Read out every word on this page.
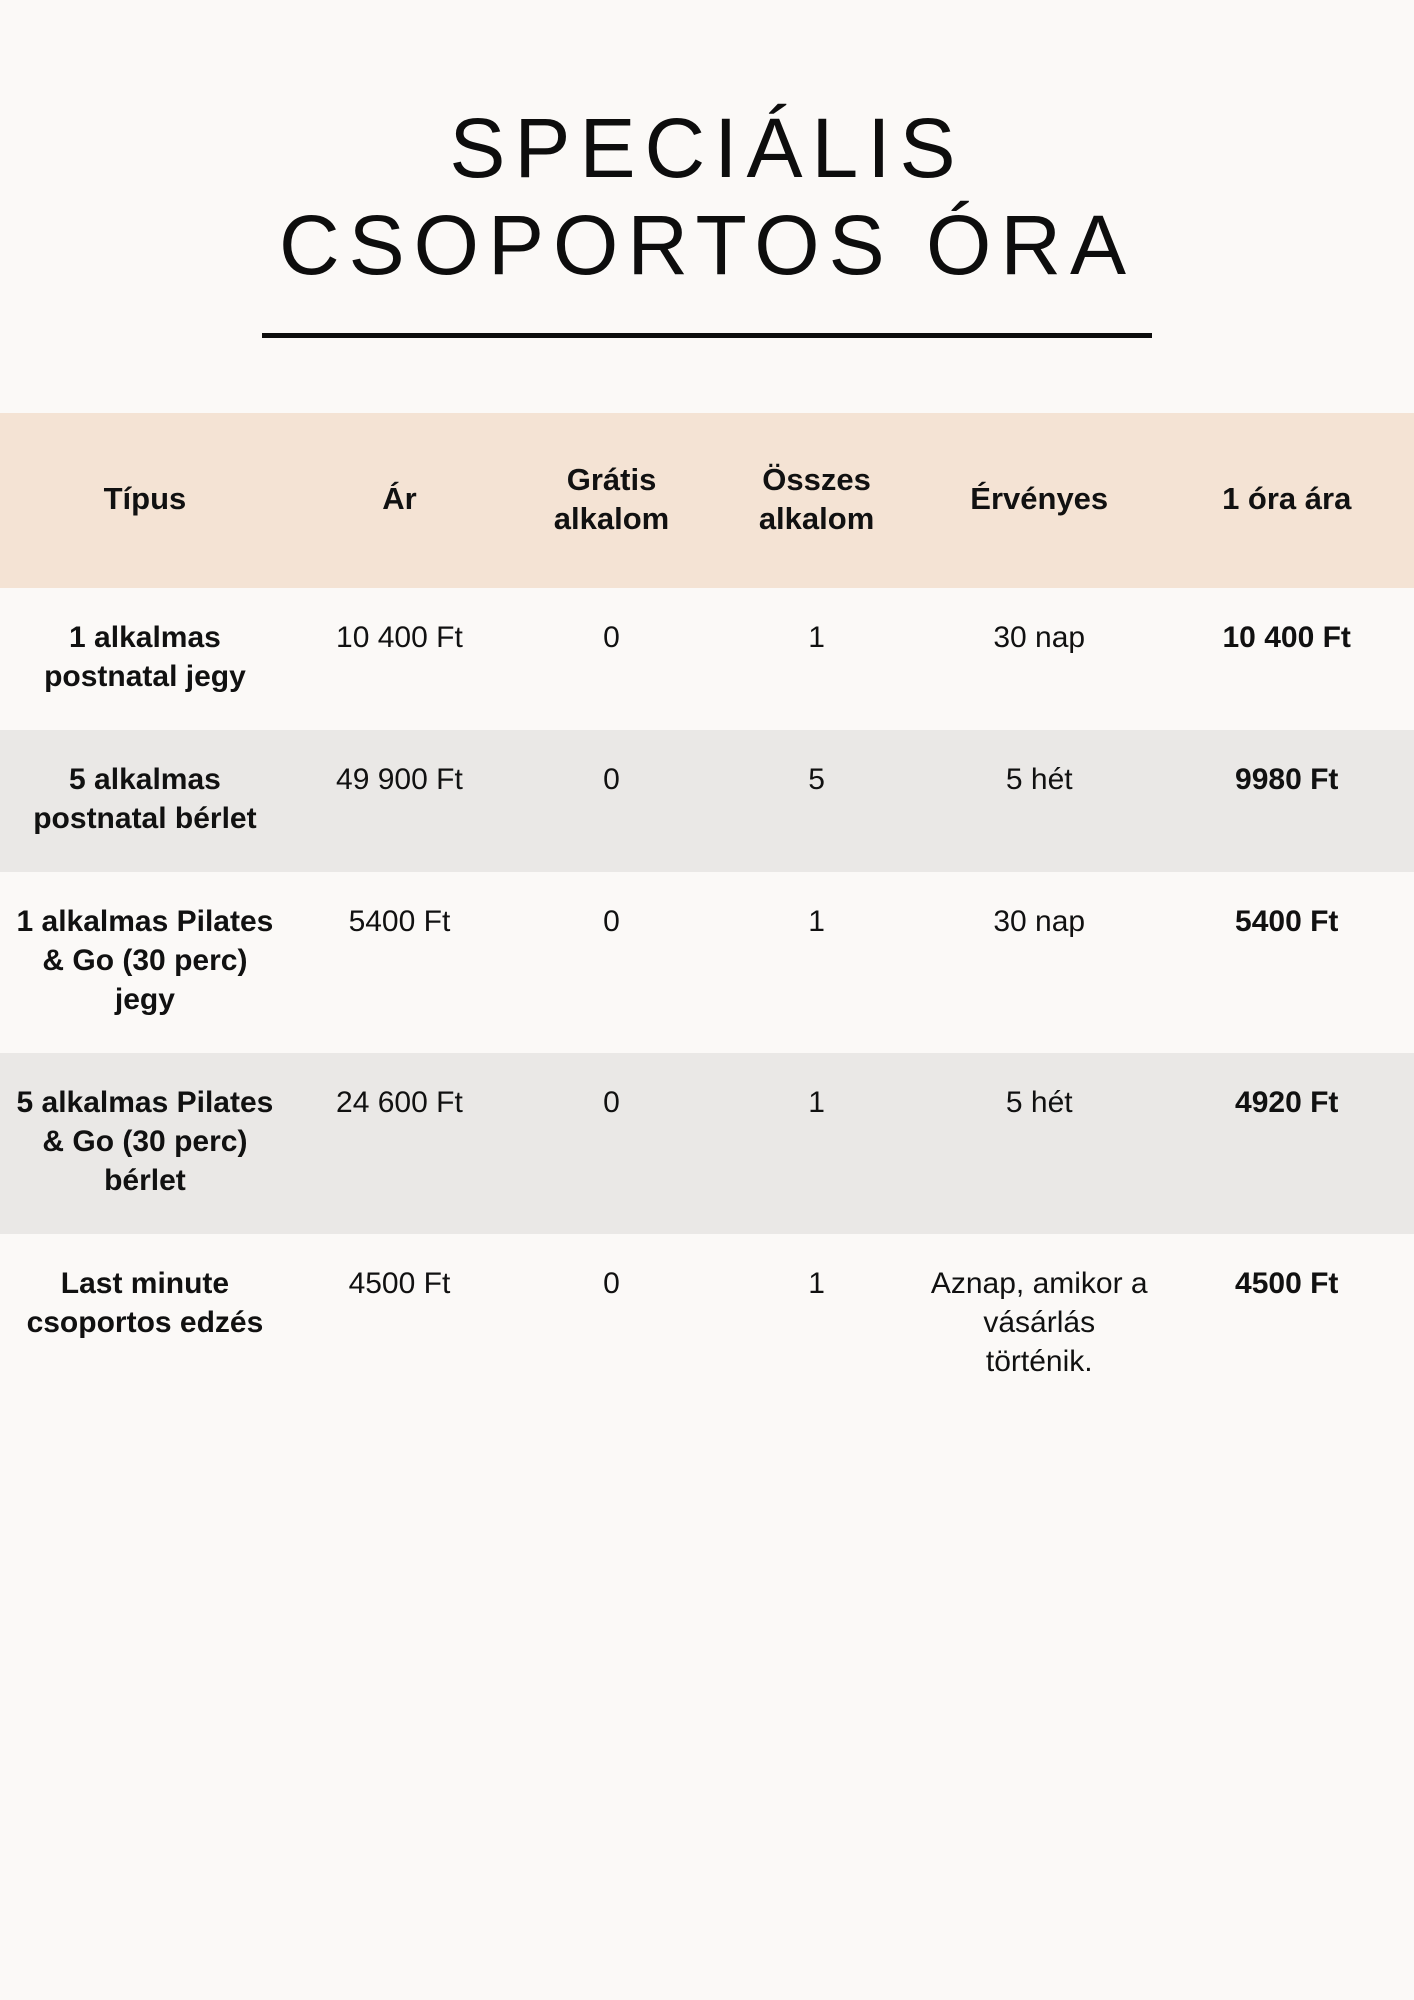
SPECIÁLIS
CSOPORTOS ÓRA
Típus	Ár	Grátis alkalom	Összes alkalom	Érvényes	1 óra ára
1 alkalmas postnatal jegy	10 400 Ft	0	1	30 nap	10 400 Ft
5 alkalmas postnatal bérlet	49 900 Ft	0	5	5 hét	9980 Ft
1 alkalmas Pilates & Go (30 perc) jegy	5400 Ft	0	1	30 nap	5400 Ft
5 alkalmas Pilates & Go (30 perc) bérlet	24 600 Ft	0	1	5 hét	4920 Ft
Last minute csoportos edzés	4500 Ft	0	1	Aznap, amikor a vásárlás történik.	4500 Ft
